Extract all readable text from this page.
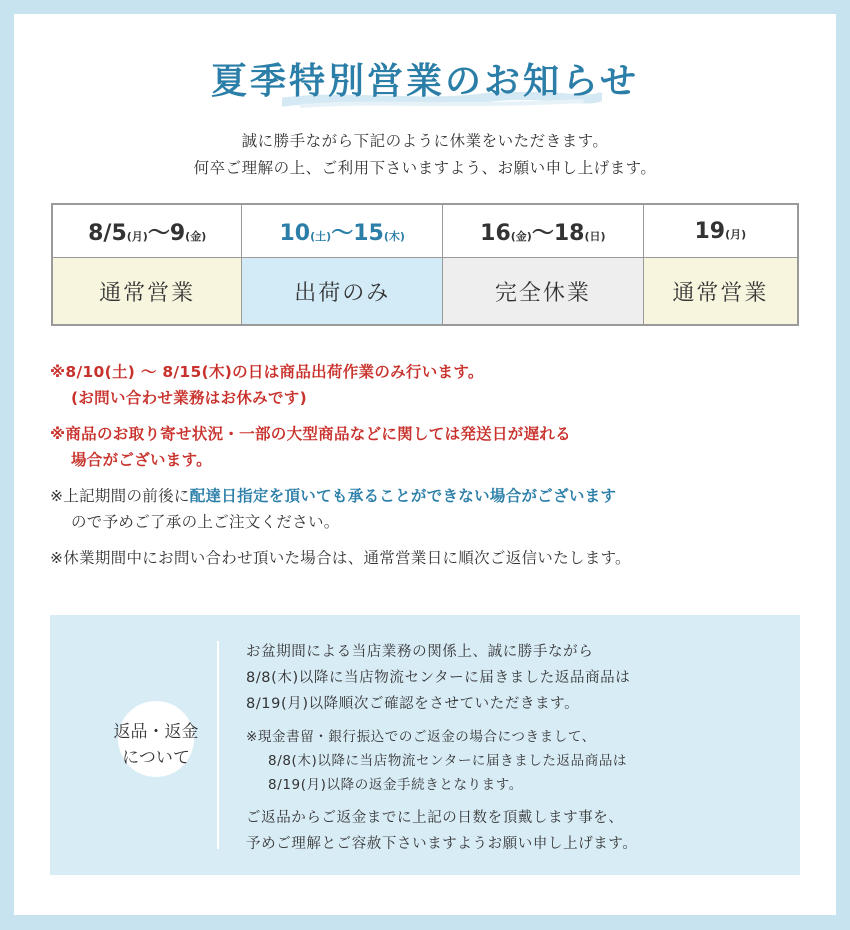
夏季特別営業のお知らせ
誠に勝手ながら下記のように休業をいただきます。
何卒ご理解の上、ご利用下さいますよう、お願い申し上げます。
8/5(月)〜9(金)	10(土)〜15(木)	16(金)〜18(日)	19(月)
通常営業	出荷のみ	完全休業	通常営業
※8/10(土) 〜 8/15(木)の日は商品出荷作業のみ行います。
(お問い合わせ業務はお休みです)
※商品のお取り寄せ状況・一部の大型商品などに関しては発送日が遅れる
場合がございます。
※上記期間の前後に配達日指定を頂いても承ることができない場合がございます
ので予めご了承の上ご注文ください。
※休業期間中にお問い合わせ頂いた場合は、通常営業日に順次ご返信いたします。
返品・返金
について
お盆期間による当店業務の関係上、誠に勝手ながら
8/8(木)以降に当店物流センターに届きました返品商品は
8/19(月)以降順次ご確認をさせていただきます。
※現金書留・銀行振込でのご返金の場合につきまして、
8/8(木)以降に当店物流センターに届きました返品商品は
8/19(月)以降の返金手続きとなります。
ご返品からご返金までに上記の日数を頂戴します事を、
予めご理解とご容赦下さいますようお願い申し上げます。
